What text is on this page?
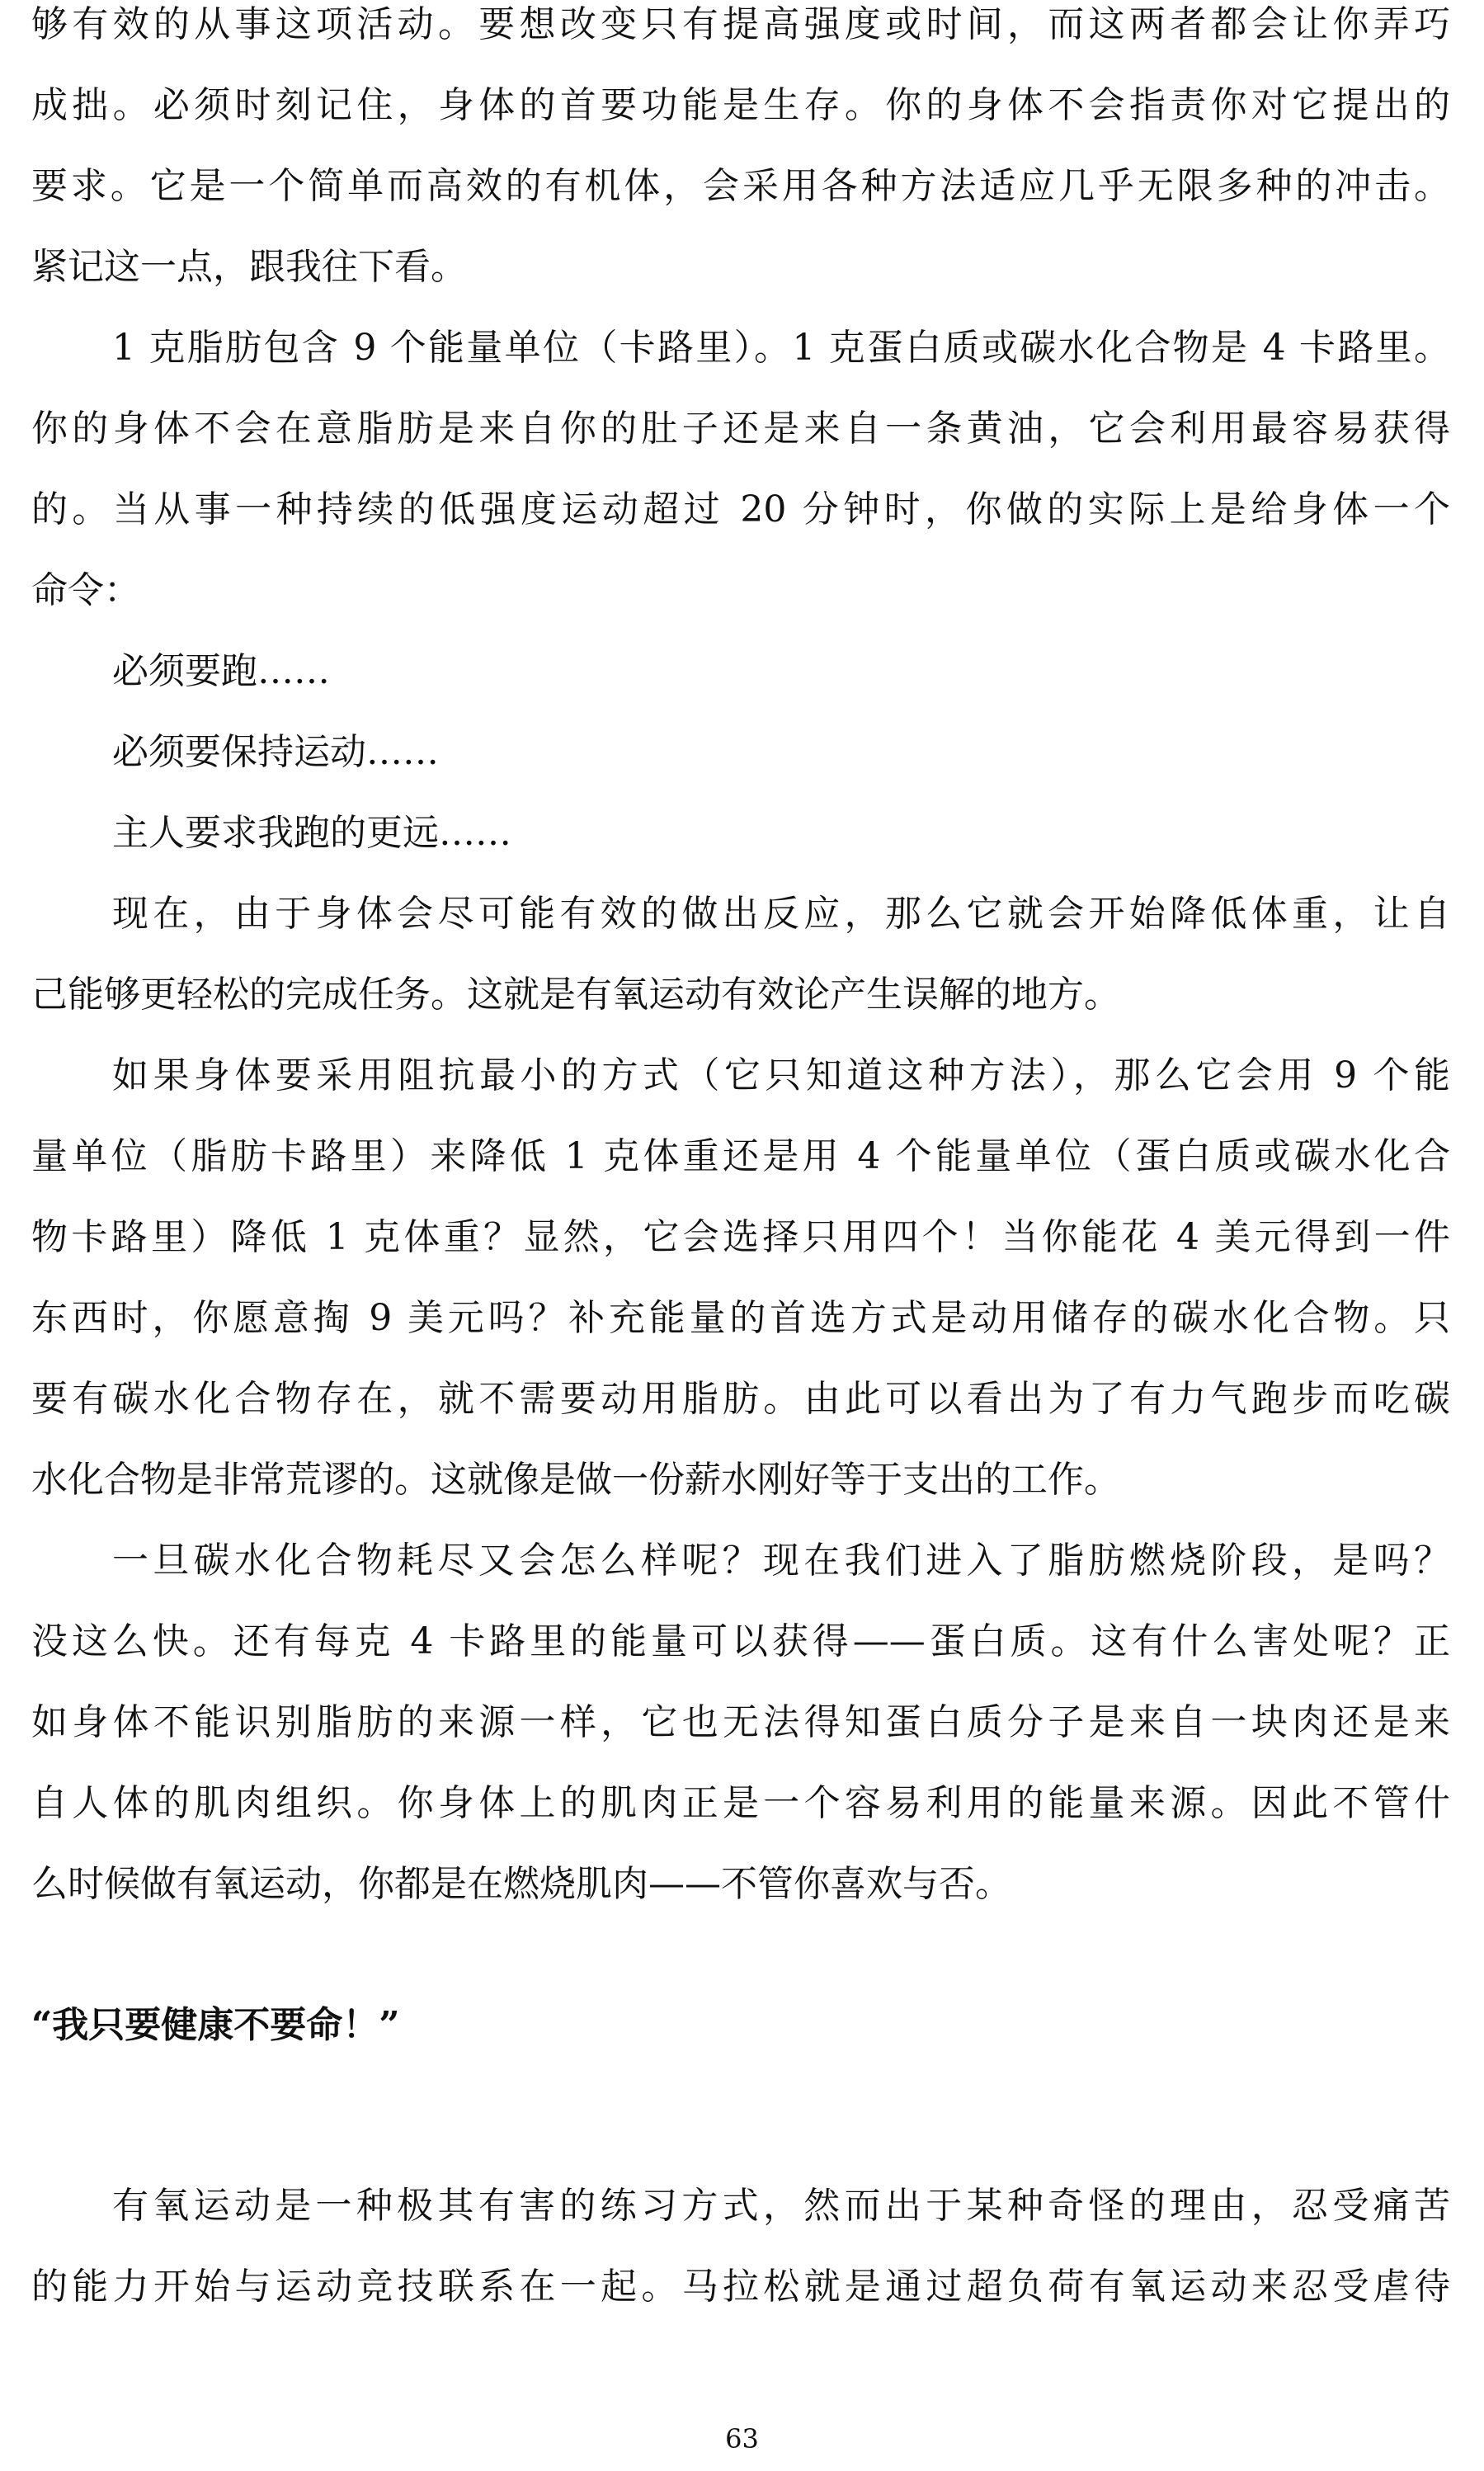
够有效的从事这项活动。要想改变只有提高强度或时间，而这两者都会让你弄巧
成拙。必须时刻记住，身体的首要功能是生存。你的身体不会指责你对它提出的
要求。它是一个简单而高效的有机体，会采用各种方法适应几乎无限多种的冲击。
紧记这一点，跟我往下看。
1 克脂肪包含 9 个能量单位（卡路里）。1 克蛋白质或碳水化合物是 4 卡路里。
你的身体不会在意脂肪是来自你的肚子还是来自一条黄油，它会利用最容易获得
的。当从事一种持续的低强度运动超过 20 分钟时，你做的实际上是给身体一个
命令：
必须要跑……
必须要保持运动……
主人要求我跑的更远……
现在，由于身体会尽可能有效的做出反应，那么它就会开始降低体重，让自
己能够更轻松的完成任务。这就是有氧运动有效论产生误解的地方。
如果身体要采用阻抗最小的方式（它只知道这种方法），那么它会用 9 个能
量单位（脂肪卡路里）来降低 1 克体重还是用 4 个能量单位（蛋白质或碳水化合
物卡路里）降低 1 克体重？显然，它会选择只用四个！当你能花 4 美元得到一件
东西时，你愿意掏 9 美元吗？补充能量的首选方式是动用储存的碳水化合物。只
要有碳水化合物存在，就不需要动用脂肪。由此可以看出为了有力气跑步而吃碳
水化合物是非常荒谬的。这就像是做一份薪水刚好等于支出的工作。
一旦碳水化合物耗尽又会怎么样呢？现在我们进入了脂肪燃烧阶段，是吗？
没这么快。还有每克 4 卡路里的能量可以获得——蛋白质。这有什么害处呢？正
如身体不能识别脂肪的来源一样，它也无法得知蛋白质分子是来自一块肉还是来
自人体的肌肉组织。你身体上的肌肉正是一个容易利用的能量来源。因此不管什
么时候做有氧运动，你都是在燃烧肌肉——不管你喜欢与否。
“我只要健康不要命！”
有氧运动是一种极其有害的练习方式，然而出于某种奇怪的理由，忍受痛苦
的能力开始与运动竞技联系在一起。马拉松就是通过超负荷有氧运动来忍受虐待
63
